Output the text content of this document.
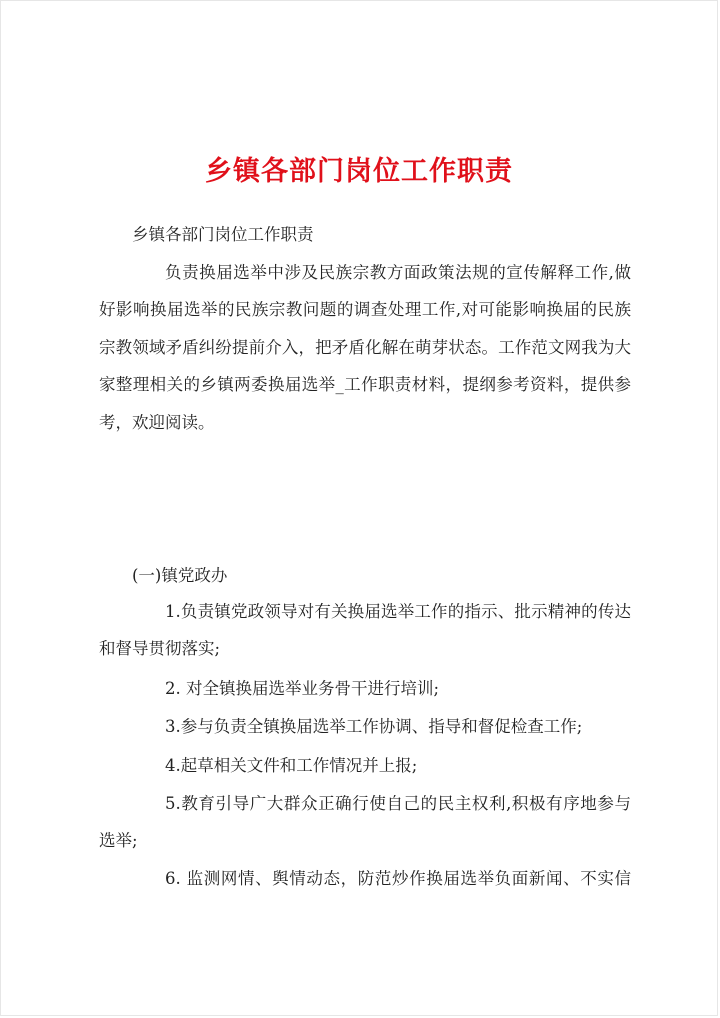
乡镇各部门岗位工作职责
乡镇各部门岗位工作职责
负责换届选举中涉及民族宗教方面政策法规的宣传解释工作,做
好影响换届选举的民族宗教问题的调查处理工作,对可能影响换届的民族
宗教领域矛盾纠纷提前介入，把矛盾化解在萌芽状态。工作范文网我为大
家整理相关的乡镇两委换届选举_工作职责材料，提纲参考资料，提供参
考，欢迎阅读。
(一)镇党政办
1.负责镇党政领导对有关换届选举工作的指示、批示精神的传达
和督导贯彻落实;
2. 对全镇换届选举业务骨干进行培训;
3.参与负责全镇换届选举工作协调、指导和督促检查工作;
4.起草相关文件和工作情况并上报;
5.教育引导广大群众正确行使自己的民主权利,积极有序地参与
选举;
6. 监测网情、舆情动态，防范炒作换届选举负面新闻、不实信
